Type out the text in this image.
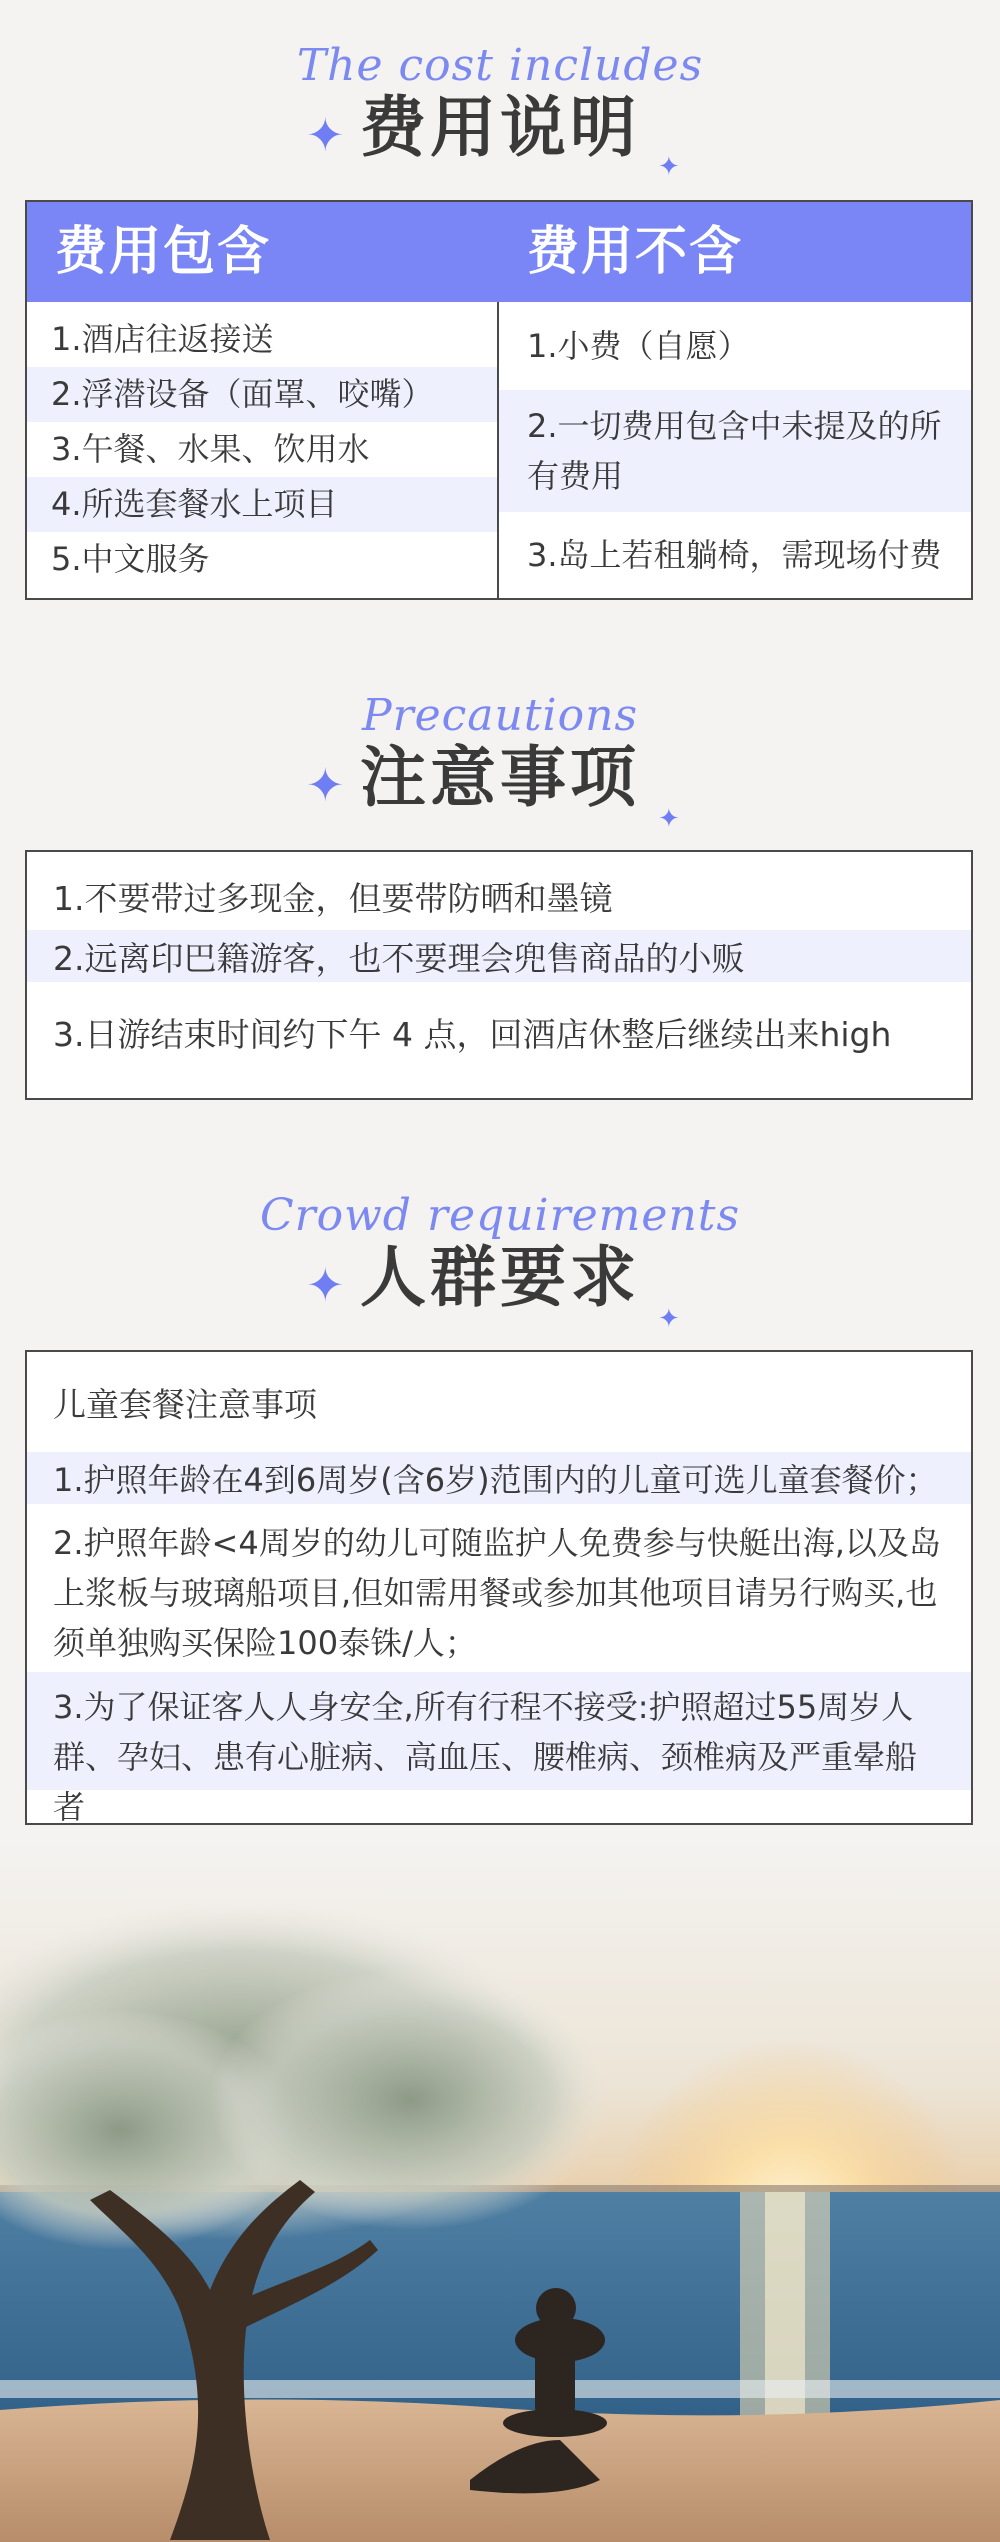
The cost includes
费用说明
✦
✦
费用包含	费用不含
1.酒店往返接送
2.浮潜设备（面罩、咬嘴）
3.午餐、水果、饮用水
4.所选套餐水上项目
5.中文服务
1.小费（自愿）
2.一切费用包含中未提及的所有费用
3.岛上若租躺椅，需现场付费
Precautions
注意事项
✦
✦
1.不要带过多现金，但要带防晒和墨镜
2.远离印巴籍游客，也不要理会兜售商品的小贩
3.日游结束时间约下午 4 点，回酒店休整后继续出来high
Crowd requirements
人群要求
✦
✦
儿童套餐注意事项
1.护照年龄在4到6周岁(含6岁)范围内的儿童可选儿童套餐价；
2.护照年龄<4周岁的幼儿可随监护人免费参与快艇出海,以及岛上浆板与玻璃船项目,但如需用餐或参加其他项目请另行购买,也须单独购买保险100泰铢/人；
3.为了保证客人人身安全,所有行程不接受:护照超过55周岁人群、孕妇、患有心脏病、高血压、腰椎病、颈椎病及严重晕船者
